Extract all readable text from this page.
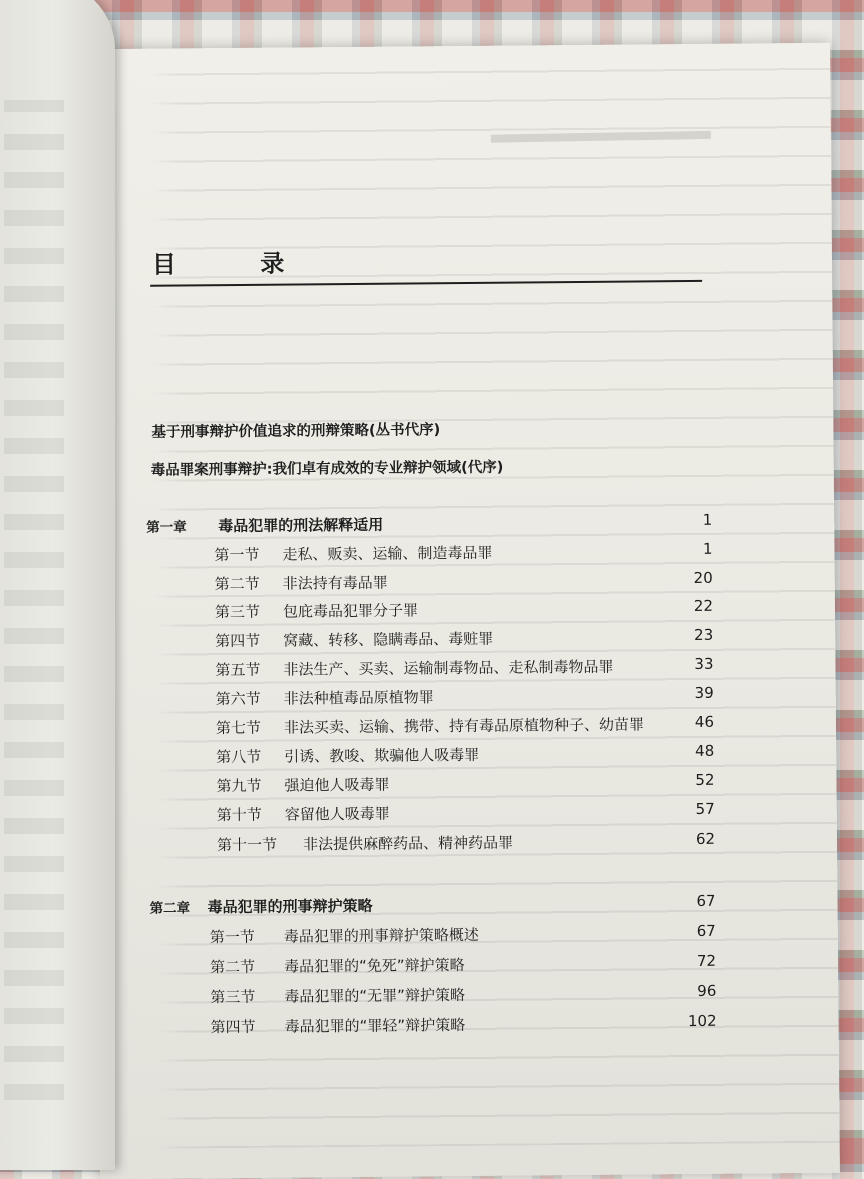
目 录
基于刑事辩护价值追求的刑辩策略(丛书代序)
毒品罪案刑事辩护:我们卓有成效的专业辩护领域(代序)
第一章 毒品犯罪的刑法解释适用	1
第一节 走私、贩卖、运输、制造毒品罪	1
第二节 非法持有毒品罪	20
第三节 包庇毒品犯罪分子罪	22
第四节 窝藏、转移、隐瞒毒品、毒赃罪	23
第五节 非法生产、买卖、运输制毒物品、走私制毒物品罪	33
第六节 非法种植毒品原植物罪	39
第七节 非法买卖、运输、携带、持有毒品原植物种子、幼苗罪	46
第八节 引诱、教唆、欺骗他人吸毒罪	48
第九节 强迫他人吸毒罪	52
第十节 容留他人吸毒罪	57
第十一节 非法提供麻醉药品、精神药品罪	62
第二章 毒品犯罪的刑事辩护策略	67
第一节 毒品犯罪的刑事辩护策略概述	67
第二节 毒品犯罪的“免死”辩护策略	72
第三节 毒品犯罪的“无罪”辩护策略	96
第四节 毒品犯罪的“罪轻”辩护策略	102
